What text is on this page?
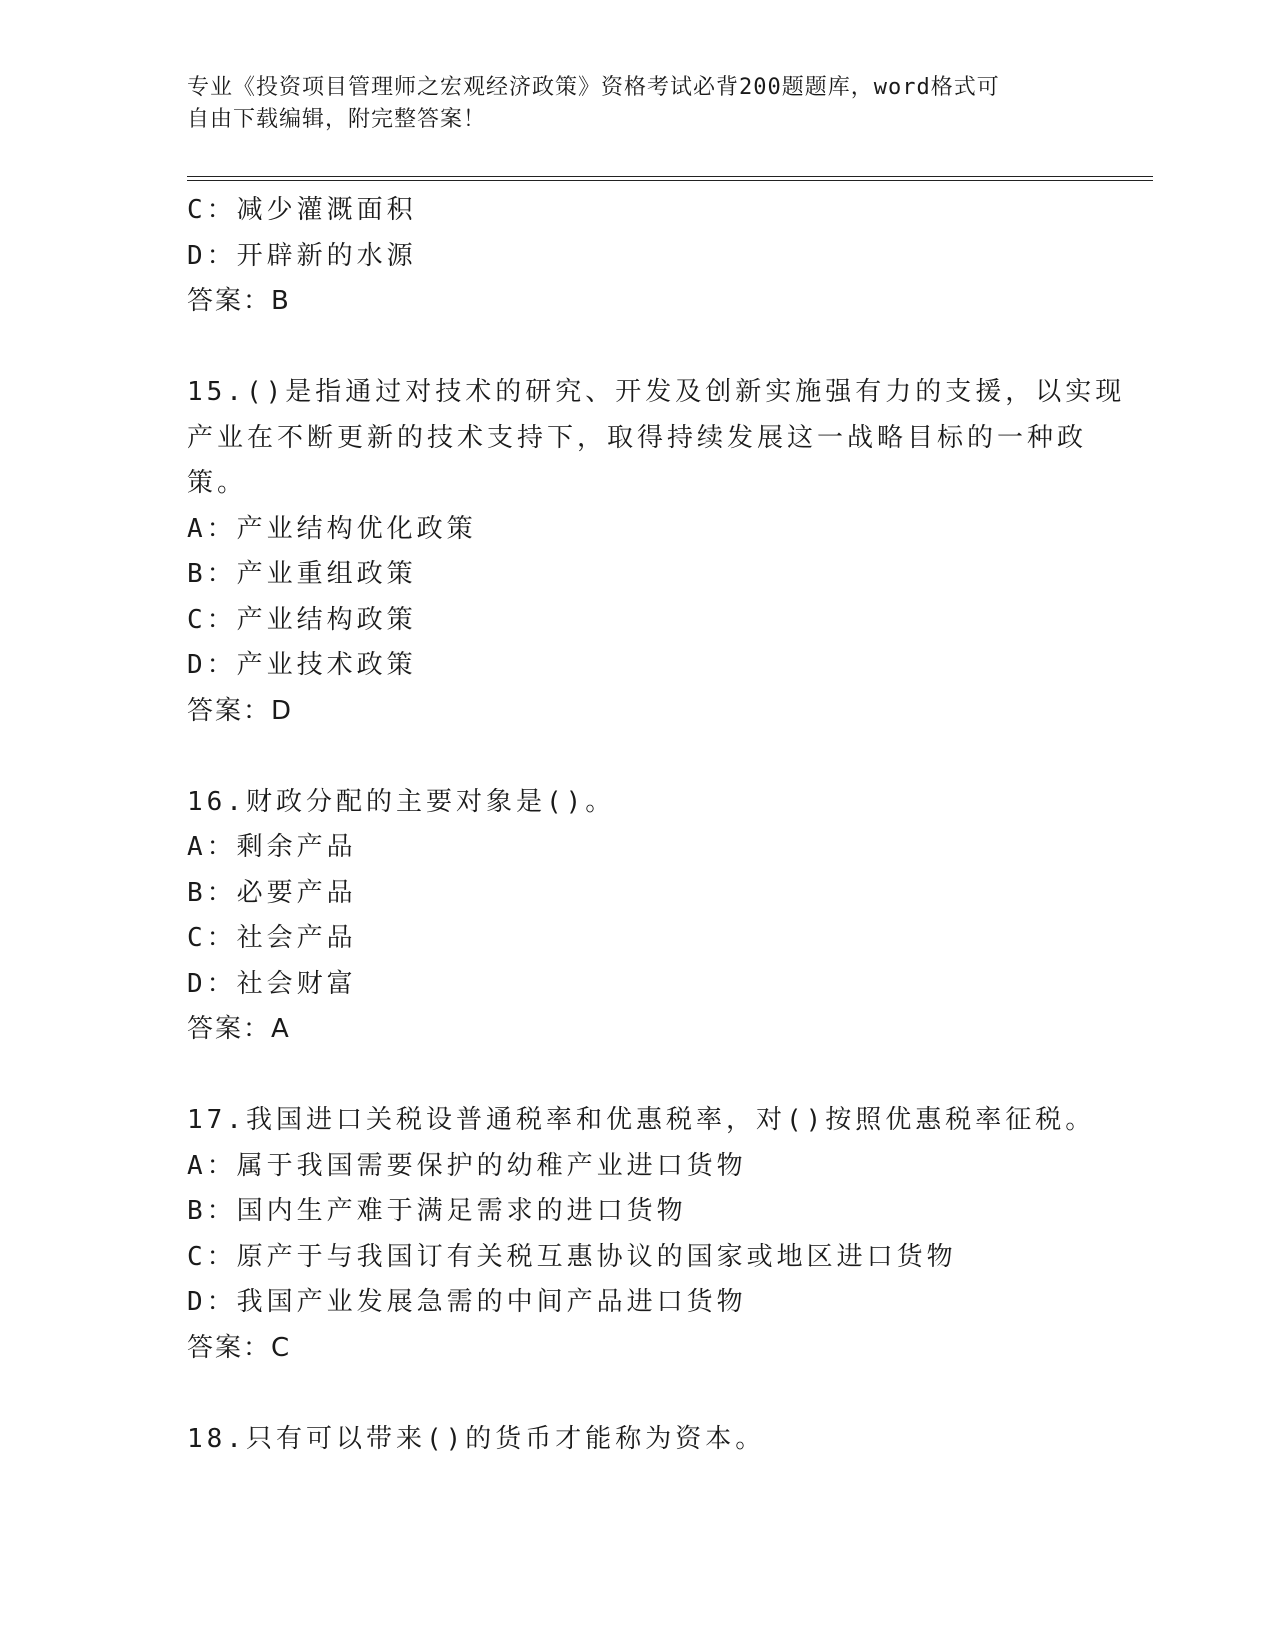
专业《投资项目管理师之宏观经济政策》资格考试必背200题题库，word格式可
自由下载编辑，附完整答案！
C：减少灌溉面积
D：开辟新的水源
答案：B
15.()是指通过对技术的研究、开发及创新实施强有力的支援，以实现
产业在不断更新的技术支持下，取得持续发展这一战略目标的一种政
策。
A：产业结构优化政策
B：产业重组政策
C：产业结构政策
D：产业技术政策
答案：D
16.财政分配的主要对象是()。
A：剩余产品
B：必要产品
C：社会产品
D：社会财富
答案：A
17.我国进口关税设普通税率和优惠税率，对()按照优惠税率征税。
A：属于我国需要保护的幼稚产业进口货物
B：国内生产难于满足需求的进口货物
C：原产于与我国订有关税互惠协议的国家或地区进口货物
D：我国产业发展急需的中间产品进口货物
答案：C
18.只有可以带来()的货币才能称为资本。
